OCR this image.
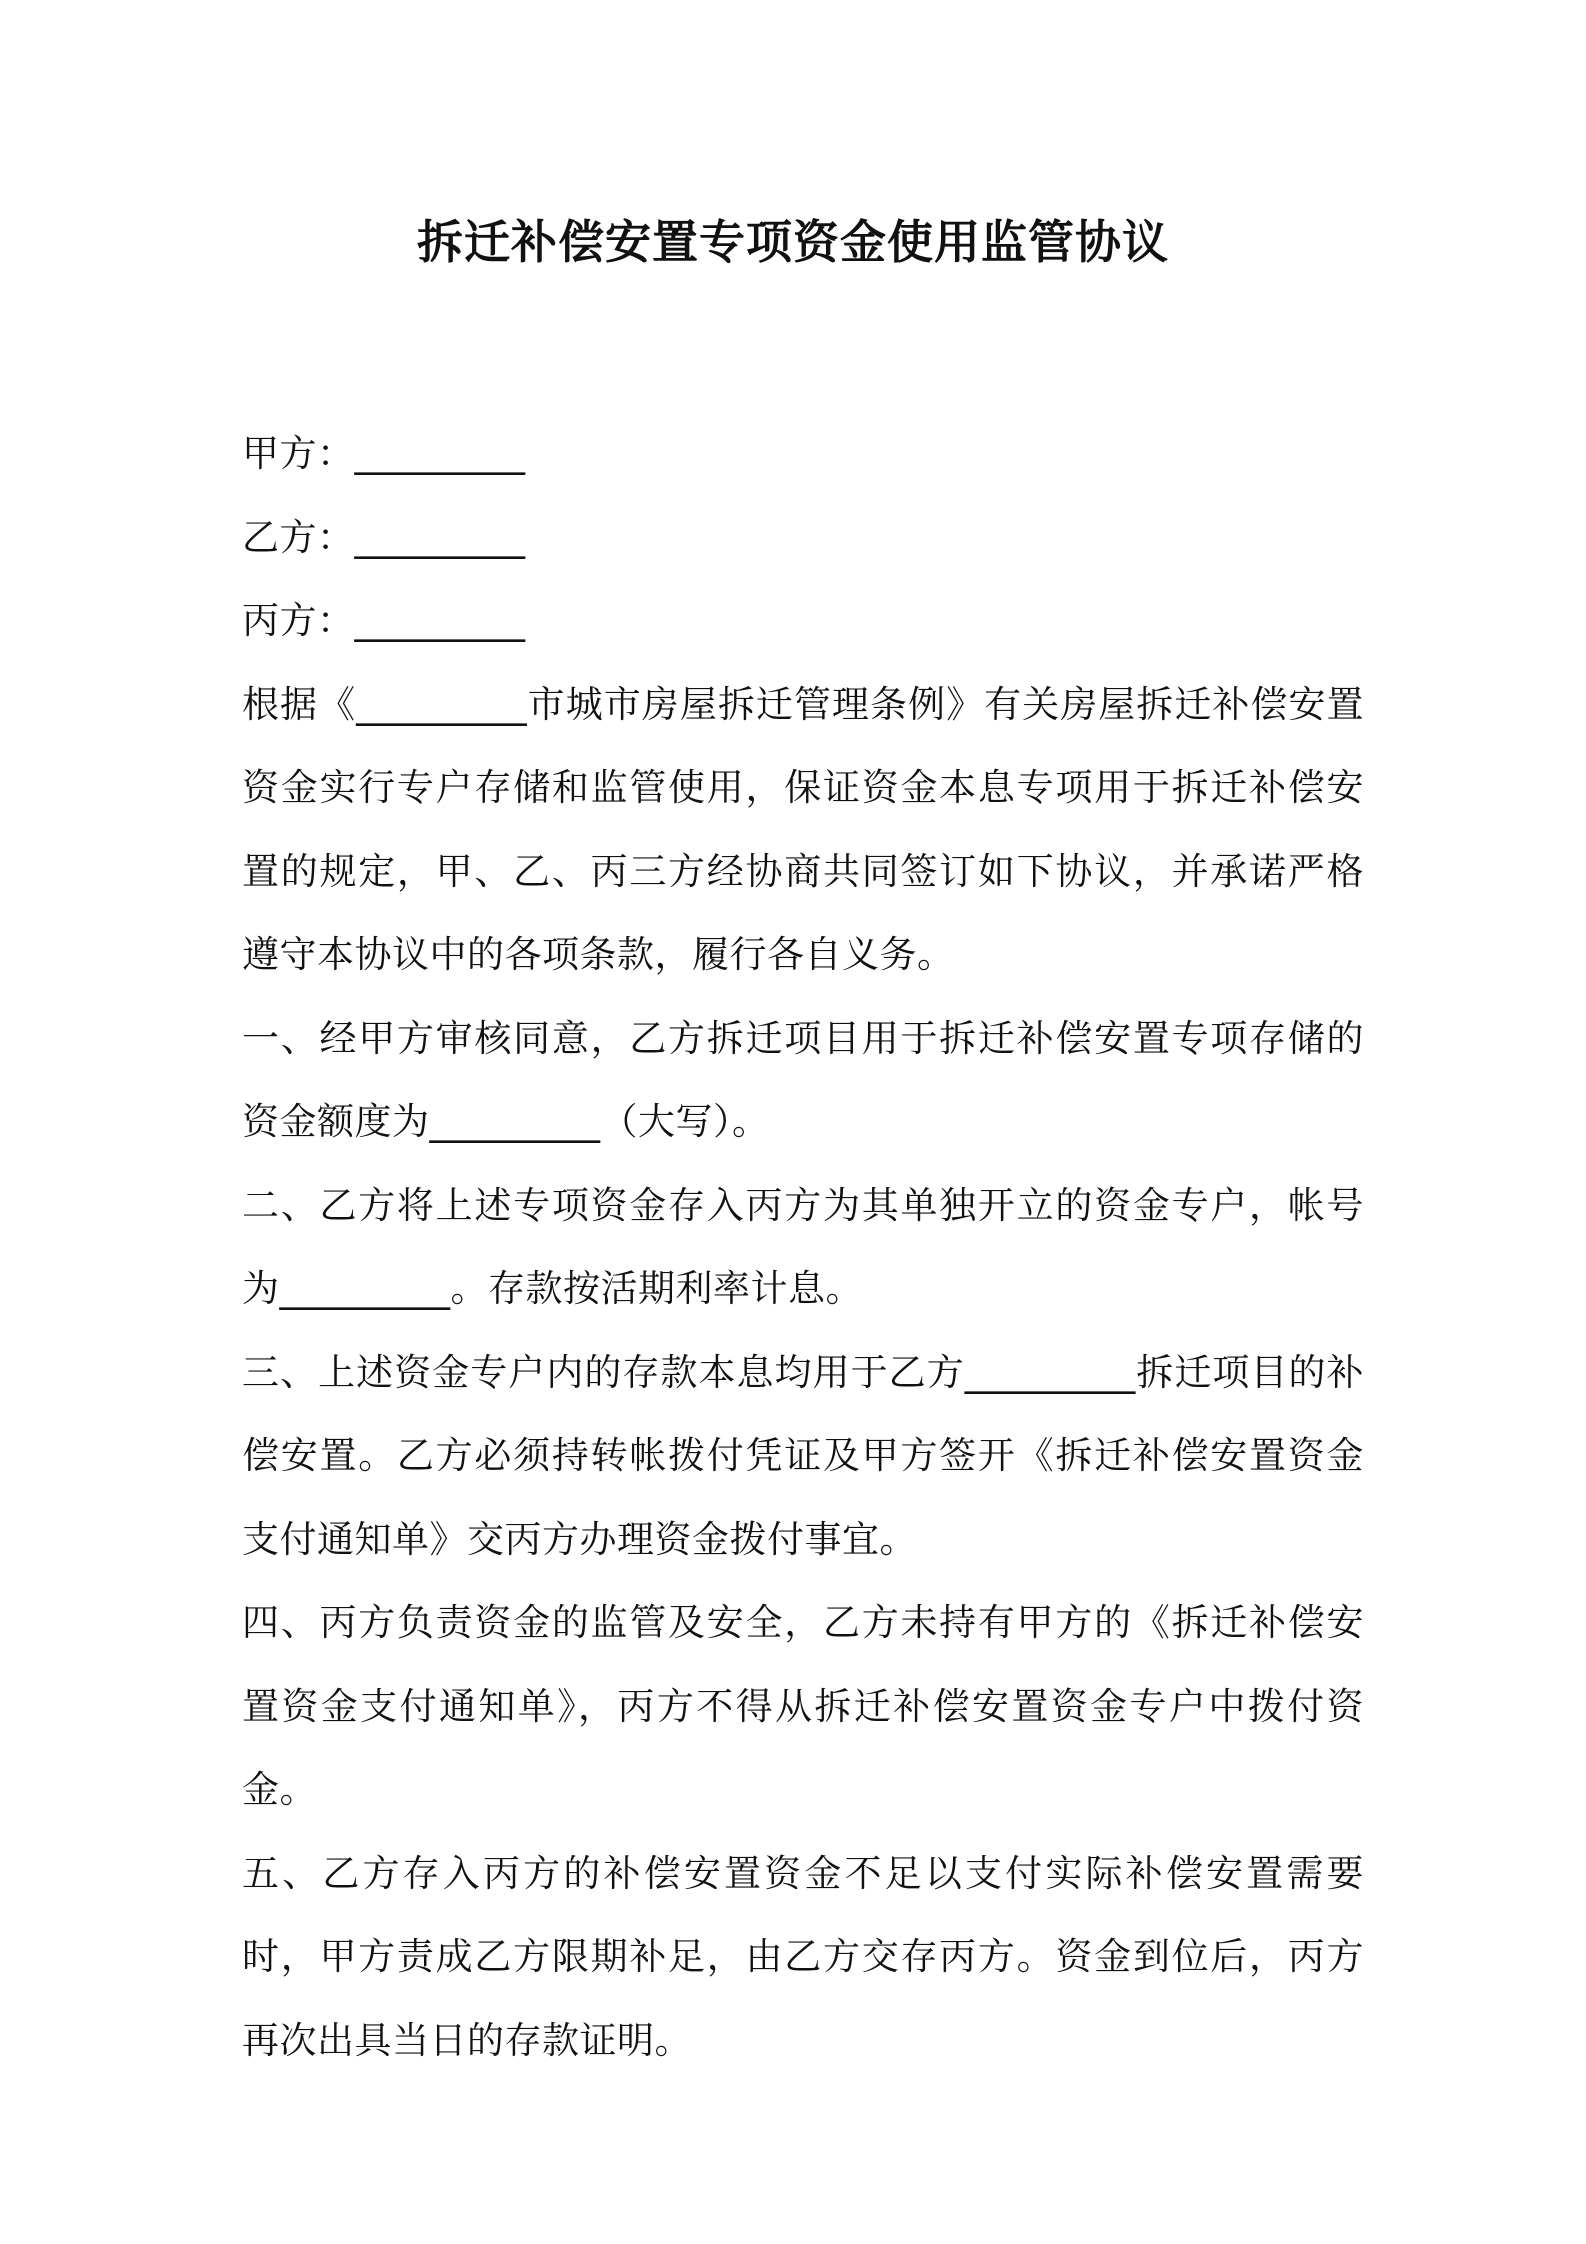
拆迁补偿安置专项资金使用监管协议
甲方：_________
乙方：_________
丙方：_________

根据《_________市城市房屋拆迁管理条例》有关房屋拆迁补偿安置资金实行专户存储和监管使用，保证资金本息专项用于拆迁补偿安置的规定，甲、乙、丙三方经协商共同签订如下协议，并承诺严格遵守本协议中的各项条款，履行各自义务。

一、经甲方审核同意，乙方拆迁项目用于拆迁补偿安置专项存储的资金额度为_________（大写）。

二、乙方将上述专项资金存入丙方为其单独开立的资金专户，帐号为_________。存款按活期利率计息。

三、上述资金专户内的存款本息均用于乙方_________拆迁项目的补偿安置。乙方必须持转帐拨付凭证及甲方签开《拆迁补偿安置资金支付通知单》交丙方办理资金拨付事宜。

四、丙方负责资金的监管及安全，乙方未持有甲方的《拆迁补偿安置资金支付通知单》，丙方不得从拆迁补偿安置资金专户中拨付资金。

五、乙方存入丙方的补偿安置资金不足以支付实际补偿安置需要时，甲方责成乙方限期补足，由乙方交存丙方。资金到位后，丙方再次出具当日的存款证明。
